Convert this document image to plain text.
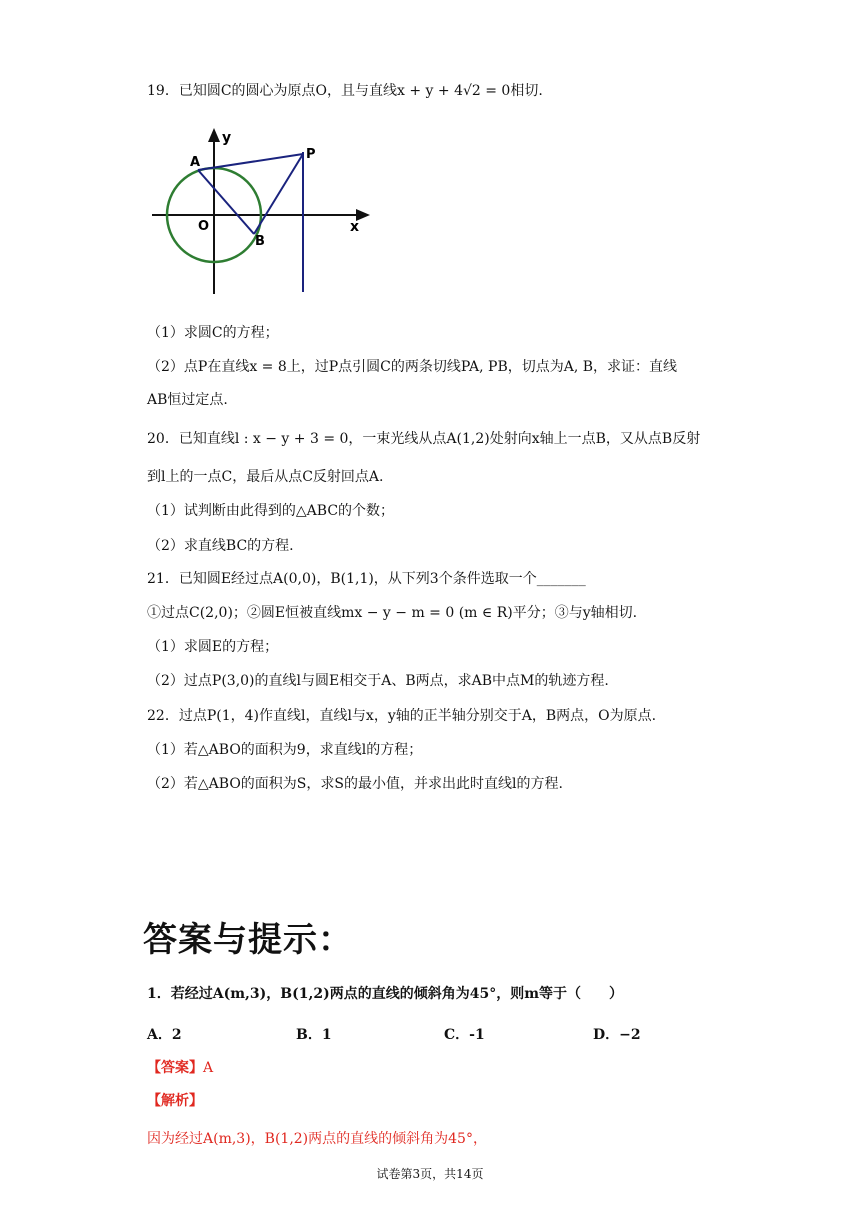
19．已知圆C的圆心为原点O，且与直线x + y + 4√2 = 0相切.
y
x
O
A
B
P
（1）求圆C的方程；
（2）点P在直线x = 8上，过P点引圆C的两条切线PA, PB，切点为A, B，求证：直线
AB恒过定点.
20．已知直线l : x − y + 3 = 0，一束光线从点A(1,2)处射向x轴上一点B，又从点B反射
到l上的一点C，最后从点C反射回点A.
（1）试判断由此得到的△ABC的个数；
（2）求直线BC的方程.
21．已知圆E经过点A(0,0)，B(1,1)，从下列3个条件选取一个_______
①过点C(2,0)；②圆E恒被直线mx − y − m = 0 (m ∈ R)平分；③与y轴相切.
（1）求圆E的方程；
（2）过点P(3,0)的直线l与圆E相交于A、B两点，求AB中点M的轨迹方程.
22．过点P(1，4)作直线l，直线l与x，y轴的正半轴分别交于A，B两点，O为原点.
（1）若△ABO的面积为9，求直线l的方程；
（2）若△ABO的面积为S，求S的最小值，并求出此时直线l的方程.
答案与提示：
1．若经过A(m,3)，B(1,2)两点的直线的倾斜角为45°，则m等于（　　）
A．2	B．1	C．-1	D．−2
【答案】A
【解析】
因为经过A(m,3)，B(1,2)两点的直线的倾斜角为45°，
试卷第3页，共14页
